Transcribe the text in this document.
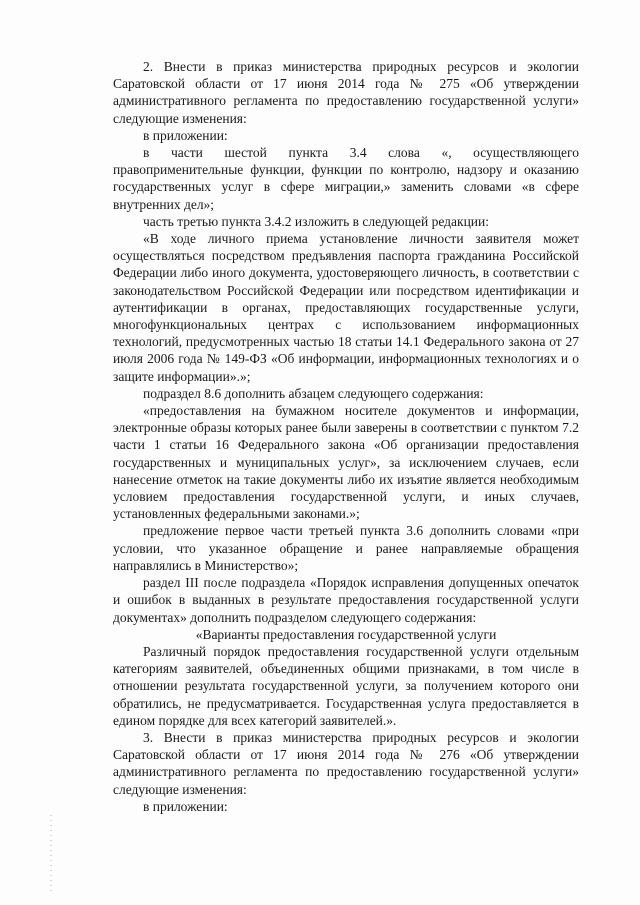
2. Внести в приказ министерства природных ресурсов и экологии Саратовской области от 17 июня 2014 года № 275 «Об утверждении административного регламента по предоставлению государственной услуги» следующие изменения:

в приложении:

в части шестой пункта 3.4 слова «, осуществляющего правоприменительные функции, функции по контролю, надзору и оказанию государственных услуг в сфере миграции,» заменить словами «в сфере внутренних дел»;

часть третью пункта 3.4.2 изложить в следующей редакции:

«В ходе личного приема установление личности заявителя может осуществляться посредством предъявления паспорта гражданина Российской Федерации либо иного документа, удостоверяющего личность, в соответствии с законодательством Российской Федерации или посредством идентификации и аутентификации в органах, предоставляющих государственные услуги, многофункциональных центрах с использованием информационных технологий, предусмотренных частью 18 статьи 14.1 Федерального закона от 27 июля 2006 года № 149-ФЗ «Об информации, информационных технологиях и о защите информации».»;

подраздел 8.6 дополнить абзацем следующего содержания:

«предоставления на бумажном носителе документов и информации, электронные образы которых ранее были заверены в соответствии с пунктом 7.2 части 1 статьи 16 Федерального закона «Об организации предоставления государственных и муниципальных услуг», за исключением случаев, если нанесение отметок на такие документы либо их изъятие является необходимым условием предоставления государственной услуги, и иных случаев, установленных федеральными законами.»;

предложение первое части третьей пункта 3.6 дополнить словами «при условии, что указанное обращение и ранее направляемые обращения направлялись в Министерство»;

раздел III после подраздела «Порядок исправления допущенных опечаток и ошибок в выданных в результате предоставления государственной услуги документах» дополнить подразделом следующего содержания:

«Варианты предоставления государственной услуги

Различный порядок предоставления государственной услуги отдельным категориям заявителей, объединенных общими признаками, в том числе в отношении результата государственной услуги, за получением которого они обратились, не предусматривается. Государственная услуга предоставляется в едином порядке для всех категорий заявителей.».

3. Внести в приказ министерства природных ресурсов и экологии Саратовской области от 17 июня 2014 года № 276 «Об утверждении административного регламента по предоставлению государственной услуги» следующие изменения:

в приложении:
